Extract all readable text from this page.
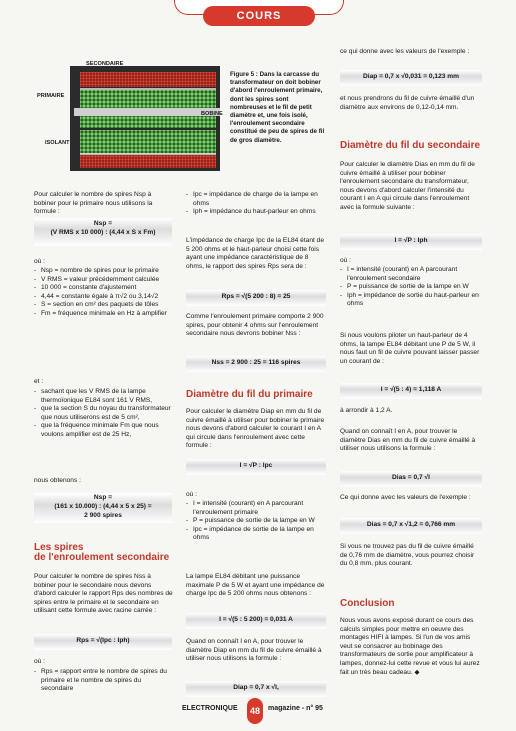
COURS
SECONDAIRE
PRIMAIRE
BOBINE
ISOLANT
Figure 5 : Dans la carcasse du transformateur on doit bobiner d'abord l'enroulement primaire, dont les spires sont nombreuses et le fil de petit diamètre et, une fois isolé, l'enroulement secondaire constitué de peu de spires de fil de gros diamètre.
Pour calculer le nombre de spires Nsp à bobiner pour le primaire nous utilisons la formule :
Nsp =
(V RMS x 10 000) : (4,44 x S x Fm)
où :
- Nsp = nombre de spires pour le primaire
- V RMS = valeur précédemment calculée
- 10 000 = constante d'ajustement
- 4,44 = constante égale à π√2 ou 3,14√2
- S = section en cm² des paquets de tôles
- Fm = fréquence minimale en Hz à amplifier
et :
- sachant que les V RMS de la lampe thermoïonique EL84 sont 161 V RMS,
- que la section S du noyau du transformateur que nous utiliserons est de 5 cm²,
- que la fréquence minimale Fm que nous voulons amplifier est de 25 Hz,
nous obtenons :
Nsp =
(161 x 10.000) : (4,44 x 5 x 25) =
2 900 spires
Les spires
de l'enroulement secondaire
Pour calculer le nombre de spires Nss à bobiner pour le secondaire nous devons d'abord calculer le rapport Rps des nombres de spires entre le primaire et le secondaire en utilisant cette formule avec racine carrée :
Rps = √(Ipc : Iph)
où :
- Rps = rapport entre le nombre de spires du primaire et le nombre de spires du secondaire
- Ipc = impédance de charge de la lampe en ohms
- Iph = impédance du haut-parleur en ohms
L'impédance de charge Ipc de la EL84 étant de 5 200 ohms et le haut-parleur choisi cette fois ayant une impédance caractéristique de 8 ohms, le rapport des spires Rps sera de :
Rps = √(5 200 : 8) = 25
Comme l'enroulement primaire comporte 2 900 spires, pour obtenir 4 ohms sur l'enroulement secondaire nous devrons bobiner Nss :
Nss = 2 900 : 25 = 116 spires
Diamètre du fil du primaire
Pour calculer le diamètre Diap en mm du fil de cuivre émaillé à utiliser pour bobiner le primaire nous devons d'abord calculer le courant I en A qui circule dans l'enroulement avec cette formule :
I = √P : Ipc
où :
- I = intensité (courant) en A parcourant l'enroulement primaire
- P = puissance de sortie de la lampe en W
- Ipc = impédance de sortie de la lampe en ohms
La lampe EL84 débitant une puissance maximale P de 5 W et ayant une impédance de charge Ipc de 5 200 ohms nous obtenons :
I = √(5 : 5 200) = 0,031 A
Quand on connaît I en A, pour trouver le diamètre Diap en mm du fil de cuivre émaillé à utiliser nous utilisons la formule :
Diap = 0,7 x √I,
ce qui donne avec les valeurs de l'exemple :
Diap = 0,7 x √0,031 = 0,123 mm
et nous prendrons du fil de cuivre émaillé d'un diamètre aux environs de 0,12-0,14 mm.
Diamètre du fil du secondaire
Pour calculer le diamètre Dias en mm du fil de cuivre émaillé à utiliser pour bobiner l'enroulement secondaire du transformateur, nous devons d'abord calculer l'intensité du courant I en A qui circule dans l'enroulement avec la formule suivante :
I = √P : Iph
où :
- I = intensité (courant) en A parcourant l'enroulement secondaire
- P = puissance de sortie de la lampe en W
- Iph = impédance de sortie du haut-parleur en ohms
Si nous voulons piloter un haut-parleur de 4 ohms, la lampe EL84 débitant une P de 5 W, il nous faut un fil de cuivre pouvant laisser passer un courant de :
I = √(5 : 4) = 1,118 A
à arrondir à 1,2 A.
Quand on connaît I en A, pour trouver le diamètre Dias en mm du fil de cuivre émaillé à utiliser nous utilisons la formule :
Dias = 0,7 √I
Ce qui donne avec les valeurs de l'exemple :
Dias = 0,7 x √1,2 = 0,766 mm
Si vous ne trouvez pas du fil de cuivre émaillé de 0,76 mm de diamètre, vous pourrez choisir du 0,8 mm, plus courant.
Conclusion
Nous vous avons exposé durant ce cours des calculs simples pour mettre en oeuvre des montages HIFI à lampes. Si l'un de vos amis veut se consacrer au bobinage des transformateurs de sortie pour amplificateur à lampes, donnez-lui cette revue et vous lui aurez fait un très beau cadeau. ◆
ELECTRONIQUE	48	magazine - n° 95
